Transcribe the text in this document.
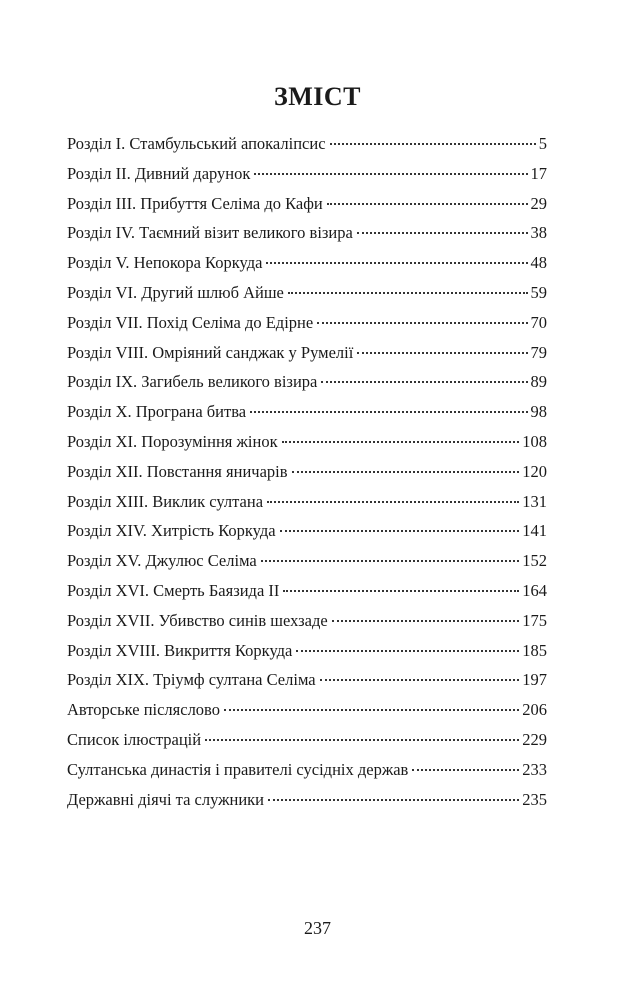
ЗМІСТ
Розділ I. Стамбульський апокаліпсис	5
Розділ II. Дивний дарунок	17
Розділ III. Прибуття Селіма до Кафи	29
Розділ IV. Таємний візит великого візира	38
Розділ V. Непокора Коркуда	48
Розділ VI. Другий шлюб Айше	59
Розділ VII. Похід Селіма до Едірне	70
Розділ VIII. Омріяний санджак у Румелії	79
Розділ IX. Загибель великого візира	89
Розділ X. Програна битва	98
Розділ XI. Порозуміння жінок	108
Розділ XII. Повстання яничарів	120
Розділ XIII. Виклик султана	131
Розділ XIV. Хитрість Коркуда	141
Розділ XV. Джулюс Селіма	152
Розділ XVI. Смерть Баязида II	164
Розділ XVII. Убивство синів шехзаде	175
Розділ XVIII. Викриття Коркуда	185
Розділ XIX. Тріумф султана Селіма	197
Авторське післяслово	206
Список ілюстрацій	229
Султанська династія і правителі сусідніх держав	233
Державні діячі та служники	235
237
